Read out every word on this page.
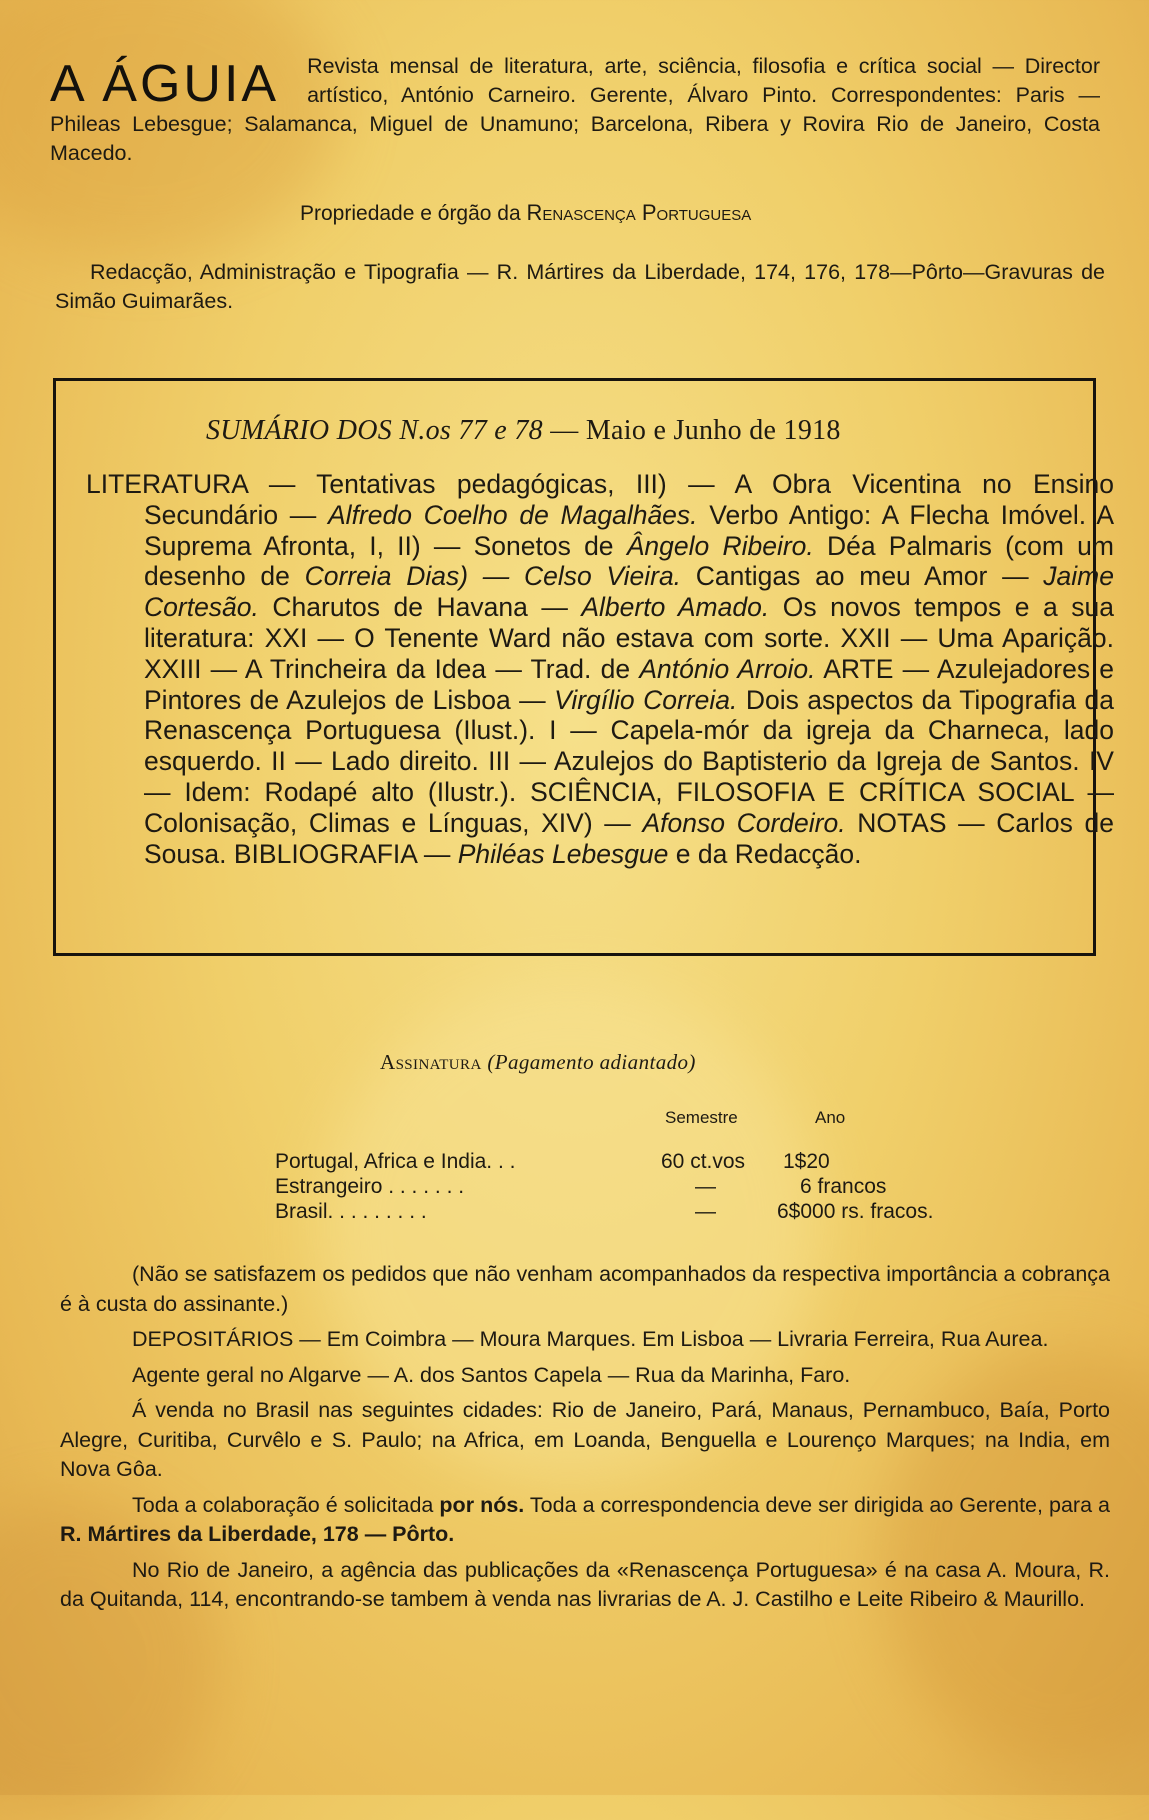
A ÁGUIA	Revista mensal de literatura, arte, sciência, filosofia e crítica social — Director artístico, António Carneiro. Gerente, Álvaro Pinto. Correspondentes: Paris — Phileas Lebesgue; Salamanca, Miguel de Unamuno; Barcelona, Ribera y Rovira Rio de Janeiro, Costa Macedo.
Propriedade e órgão da Renascença Portuguesa
Redacção, Administração e Tipografia — R. Mártires da Liberdade, 174, 176, 178—Pôrto—Gravuras de Simão Guimarães.
SUMÁRIO DOS N.os 77 e 78 — Maio e Junho de 1918
LITERATURA — Tentativas pedagógicas, III) — A Obra Vicentina no Ensino Secundário — Alfredo Coelho de Magalhães. Verbo Antigo: A Flecha Imóvel. A Suprema Afronta, I, II) — Sonetos de Ângelo Ribeiro. Déa Palmaris (com um desenho de Correia Dias) — Celso Vieira. Cantigas ao meu Amor — Jaime Cortesão. Charutos de Havana — Alberto Amado. Os novos tempos e a sua literatura: XXI — O Tenente Ward não estava com sorte. XXII — Uma Aparição. XXIII — A Trincheira da Idea — Trad. de António Arroio. ARTE — Azulejadores e Pintores de Azulejos de Lisboa — Virgílio Correia. Dois aspectos da Tipografia da Renascença Portuguesa (Ilust.). I — Capela-mór da igreja da Charneca, lado esquerdo. II — Lado direito. III — Azulejos do Baptisterio da Igreja de Santos. IV — Idem: Rodapé alto (Ilustr.). SCIÊNCIA, FILOSOFIA E CRÍTICA SOCIAL — Colonisação, Climas e Línguas, XIV) — Afonso Cordeiro. NOTAS — Carlos de Sousa. BIBLIOGRAFIA — Philéas Lebesgue e da Redacção.
Assinatura (Pagamento adiantado)
Semestre	Ano
Portugal, Africa e India. . .	60 ct.vos 1$20
Estrangeiro . . . . . . .	—	6 francos
Brasil. . . . . . . . .	—	6$000 rs. fracos.

(Não se satisfazem os pedidos que não venham acompanhados da respectiva importância a cobrança é à custa do assinante.)

DEPOSITÁRIOS — Em Coimbra — Moura Marques. Em Lisboa — Livraria Ferreira, Rua Aurea.

Agente geral no Algarve — A. dos Santos Capela — Rua da Marinha, Faro.

Á venda no Brasil nas seguintes cidades: Rio de Janeiro, Pará, Manaus, Pernambuco, Baía, Porto Alegre, Curitiba, Curvêlo e S. Paulo; na Africa, em Loanda, Benguella e Lourenço Marques; na India, em Nova Gôa.

Toda a colaboração é solicitada por nós. Toda a correspondencia deve ser dirigida ao Gerente, para a R. Mártires da Liberdade, 178 — Pôrto.

No Rio de Janeiro, a agência das publicações da «Renascença Portuguesa» é na casa A. Moura, R. da Quitanda, 114, encontrando-se tambem à venda nas livrarias de A. J. Castilho e Leite Ribeiro & Maurillo.
